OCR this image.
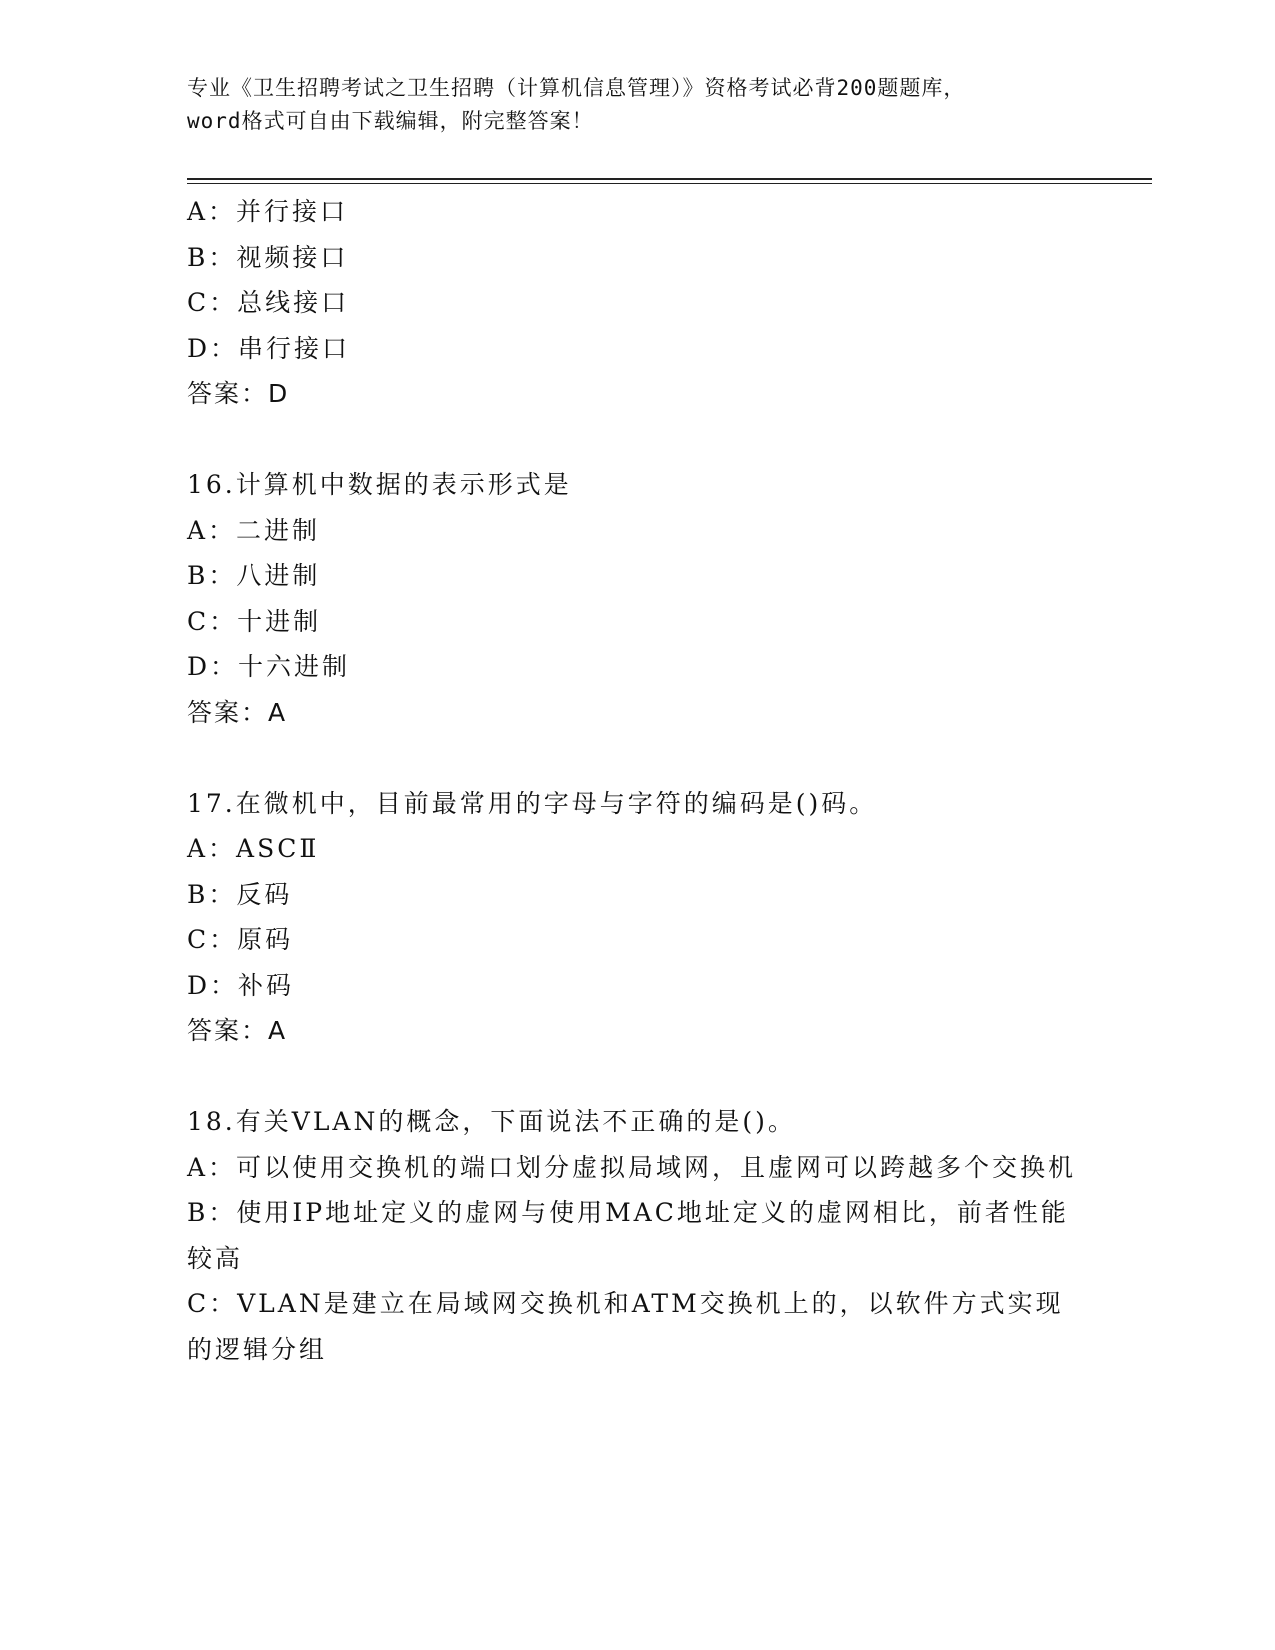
专业《卫生招聘考试之卫生招聘（计算机信息管理）》资格考试必背200题题库，
word格式可自由下载编辑，附完整答案！
A：并行接口
B：视频接口
C：总线接口
D：串行接口
答案：D
16.计算机中数据的表示形式是
A：二进制
B：八进制
C：十进制
D：十六进制
答案：A
17.在微机中，目前最常用的字母与字符的编码是()码。
A：ASCⅡ
B：反码
C：原码
D：补码
答案：A
18.有关VLAN的概念，下面说法不正确的是()。
A：可以使用交换机的端口划分虚拟局域网，且虚网可以跨越多个交换机
B：使用IP地址定义的虚网与使用MAC地址定义的虚网相比，前者性能较高
C：VLAN是建立在局域网交换机和ATM交换机上的，以软件方式实现的逻辑分组
